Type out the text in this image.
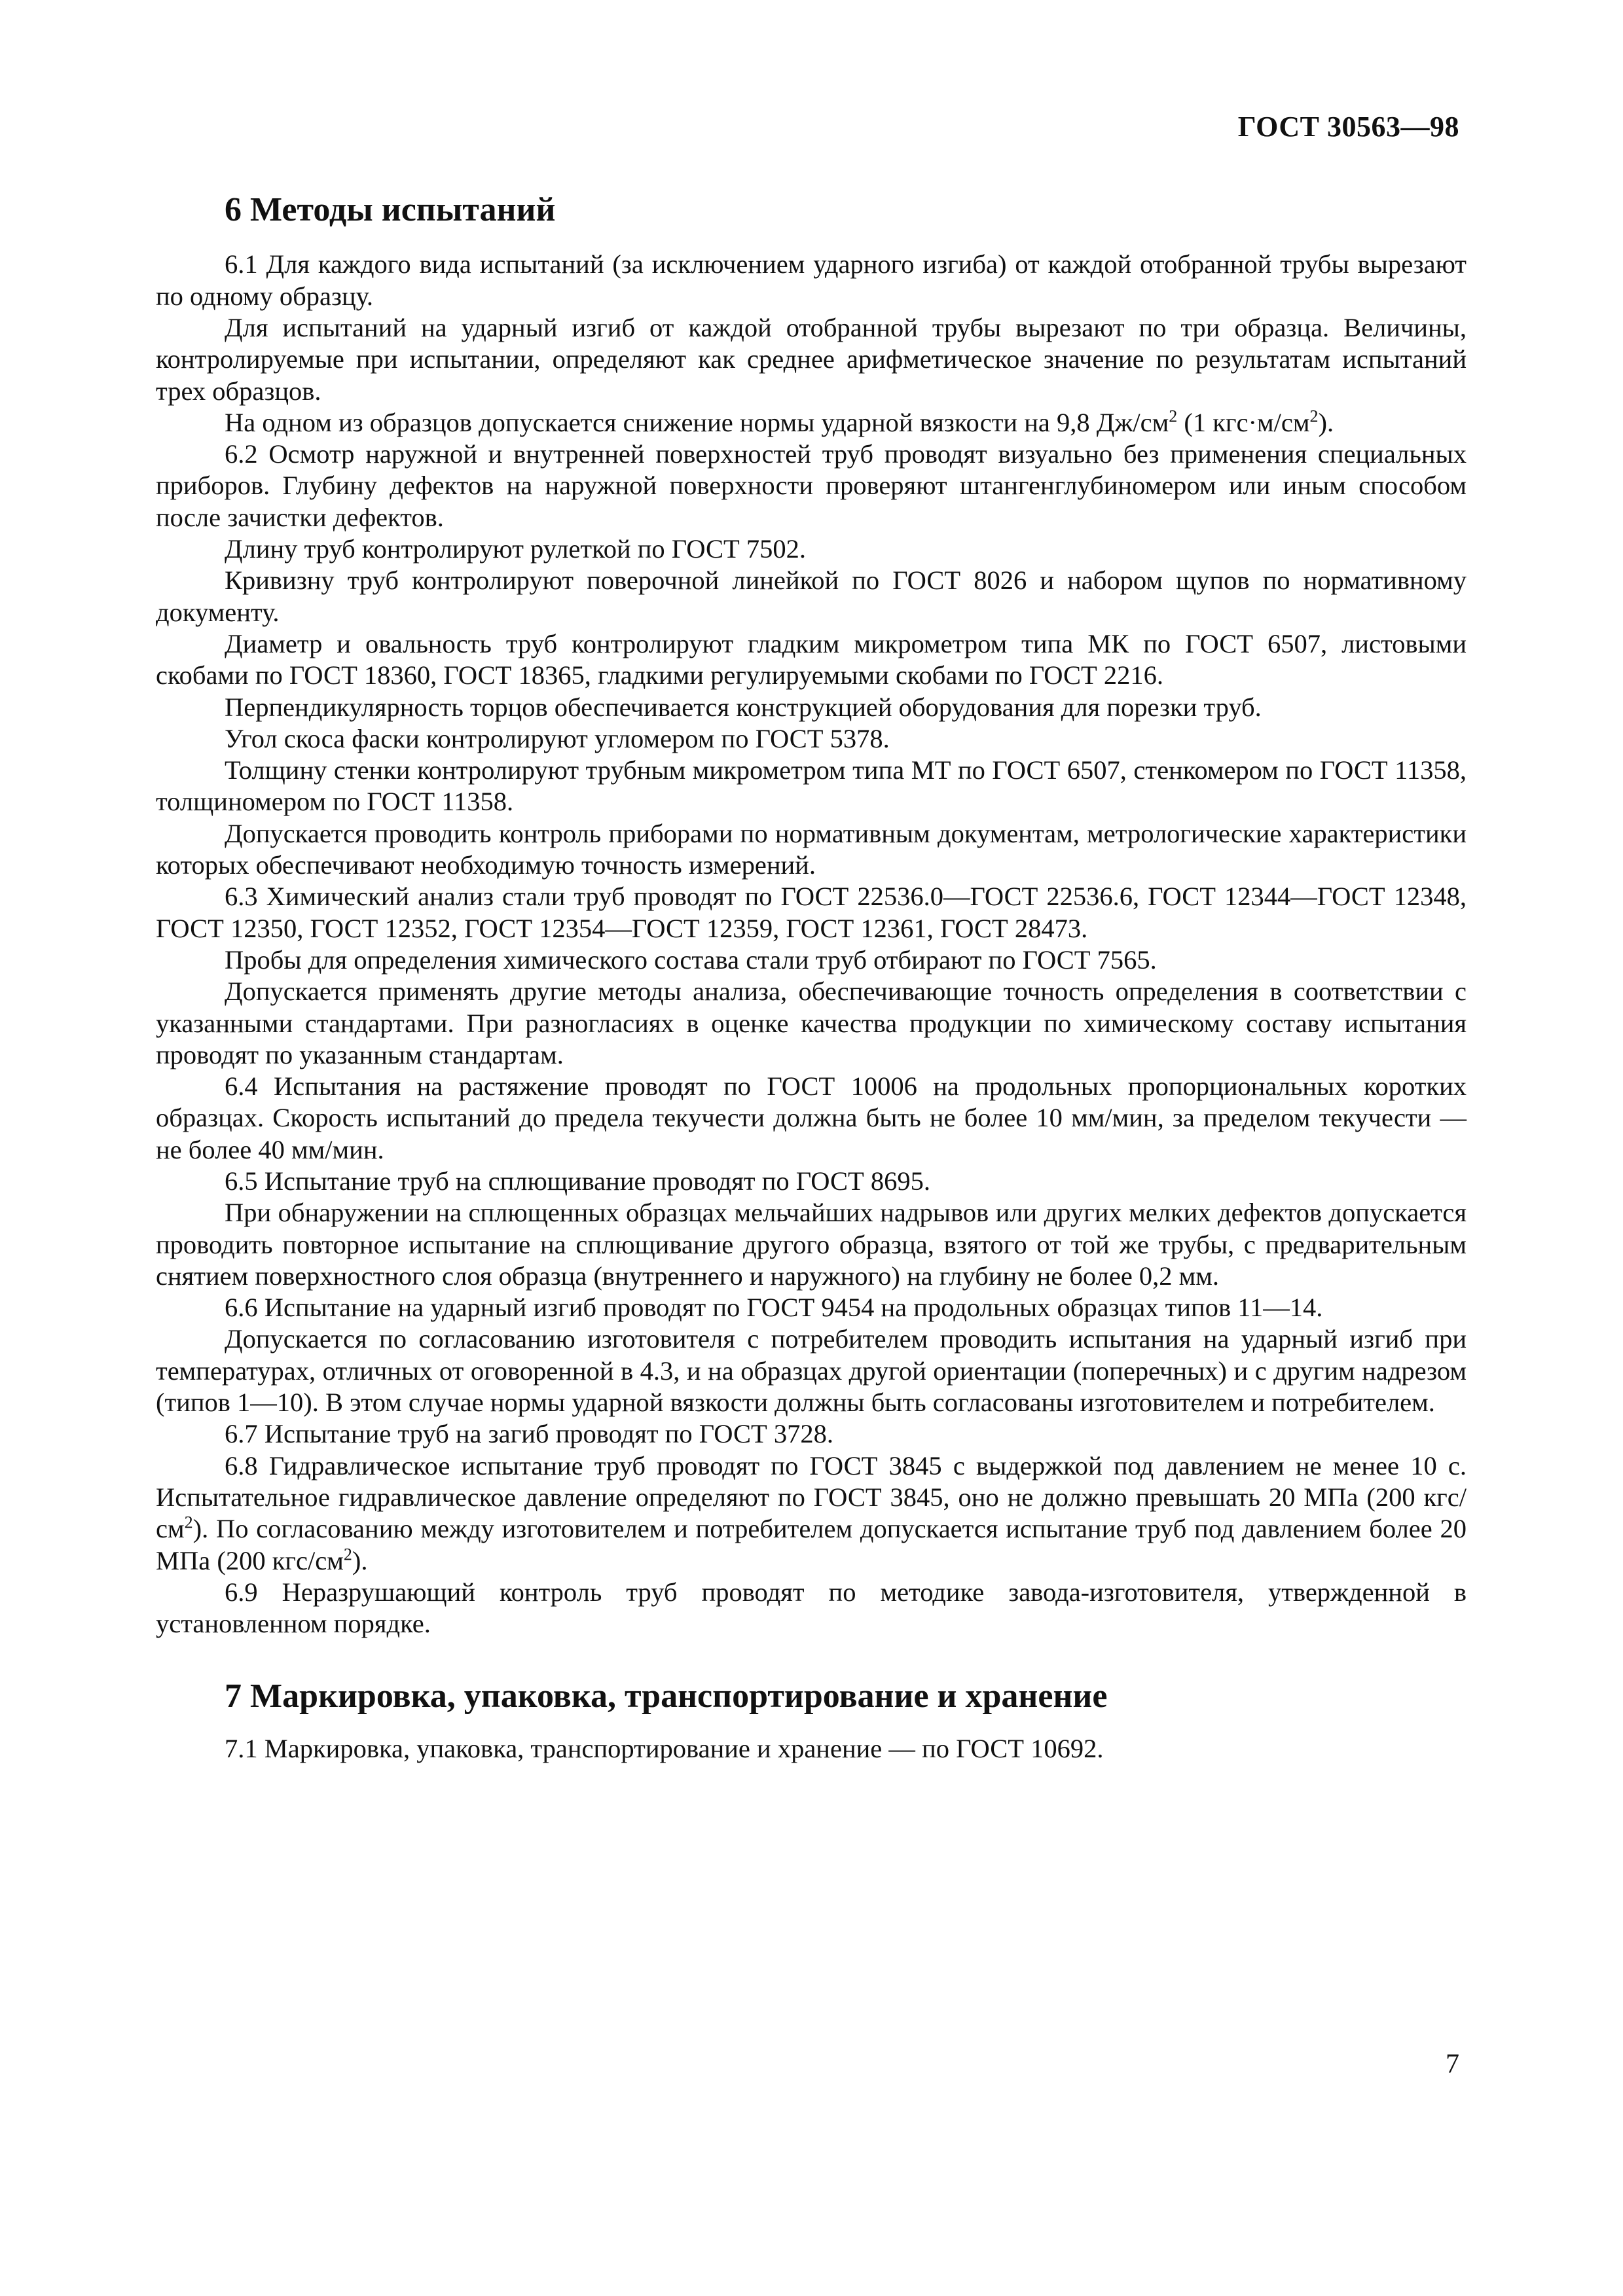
ГОСТ 30563—98
6 Методы испытаний

6.1 Для каждого вида испытаний (за исключением ударного изгиба) от каждой отобранной трубы вырезают по одному образцу.

Для испытаний на ударный изгиб от каждой отобранной трубы вырезают по три образца. Величины, контролируемые при испытании, определяют как среднее арифметическое значение по результатам испытаний трех образцов.

На одном из образцов допускается снижение нормы ударной вязкости на 9,8 $Дж/см^2$ (1 $кгс\cdot м/см^2$).

6.2 Осмотр наружной и внутренней поверхностей труб проводят визуально без применения специальных приборов. Глубину дефектов на наружной поверхности проверяют штангенглубиномером или иным способом после зачистки дефектов.

Длину труб контролируют рулеткой по ГОСТ 7502.

Кривизну труб контролируют поверочной линейкой по ГОСТ 8026 и набором щупов по нормативному документу.

Диаметр и овальность труб контролируют гладким микрометром типа МК по ГОСТ 6507, листовыми скобами по ГОСТ 18360, ГОСТ 18365, гладкими регулируемыми скобами по ГОСТ 2216.

Перпендикулярность торцов обеспечивается конструкцией оборудования для порезки труб.

Угол скоса фаски контролируют угломером по ГОСТ 5378.

Толщину стенки контролируют трубным микрометром типа МТ по ГОСТ 6507, стенкомером по ГОСТ 11358, толщиномером по ГОСТ 11358.

Допускается проводить контроль приборами по нормативным документам, метрологические характеристики которых обеспечивают необходимую точность измерений.

6.3 Химический анализ стали труб проводят по ГОСТ 22536.0—ГОСТ 22536.6, ГОСТ 12344—ГОСТ 12348, ГОСТ 12350, ГОСТ 12352, ГОСТ 12354—ГОСТ 12359, ГОСТ 12361, ГОСТ 28473.

Пробы для определения химического состава стали труб отбирают по ГОСТ 7565.

Допускается применять другие методы анализа, обеспечивающие точность определения в соответствии с указанными стандартами. При разногласиях в оценке качества продукции по химическому составу испытания проводят по указанным стандартам.

6.4 Испытания на растяжение проводят по ГОСТ 10006 на продольных пропорциональных коротких образцах. Скорость испытаний до предела текучести должна быть не более 10 мм/мин, за пределом текучести — не более 40 мм/мин.

6.5 Испытание труб на сплющивание проводят по ГОСТ 8695.

При обнаружении на сплющенных образцах мельчайших надрывов или других мелких дефектов допускается проводить повторное испытание на сплющивание другого образца, взятого от той же трубы, с предварительным снятием поверхностного слоя образца (внутреннего и наружного) на глубину не более 0,2 мм.

6.6 Испытание на ударный изгиб проводят по ГОСТ 9454 на продольных образцах типов 11—14.

Допускается по согласованию изготовителя с потребителем проводить испытания на ударный изгиб при температурах, отличных от оговоренной в 4.3, и на образцах другой ориентации (поперечных) и с другим надрезом (типов 1—10). В этом случае нормы ударной вязкости должны быть согласованы изготовителем и потребителем.

6.7 Испытание труб на загиб проводят по ГОСТ 3728.

6.8 Гидравлическое испытание труб проводят по ГОСТ 3845 с выдержкой под давлением не менее 10 с. Испытательное гидравлическое давление определяют по ГОСТ 3845, оно не должно превышать 20 МПа (200 кгс/$см^2$). По согласованию между изготовителем и потребителем допускается испытание труб под давлением более 20 МПа (200 кгс/$см^2$).

6.9 Неразрушающий контроль труб проводят по методике завода-изготовителя, утвержденной в установленном порядке.

7 Маркировка, упаковка, транспортирование и хранение

7.1 Маркировка, упаковка, транспортирование и хранение — по ГОСТ 10692.

7
